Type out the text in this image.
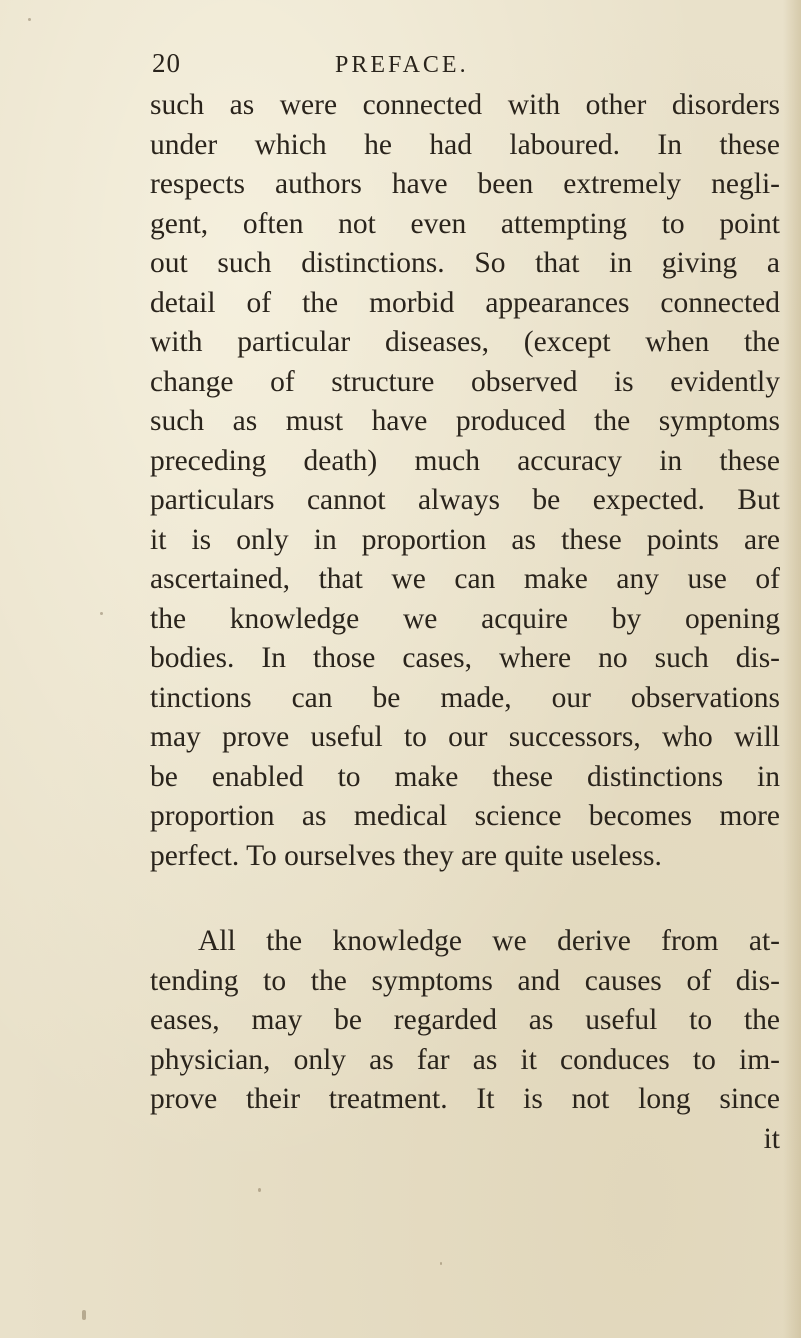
20	PREFACE.
such as were connected with other disorders
under which he had laboured. In these
respects authors have been extremely negli-
gent, often not even attempting to point
out such distinctions. So that in giving a
detail of the morbid appearances connected
with particular diseases, (except when the
change of structure observed is evidently
such as must have produced the symptoms
preceding death) much accuracy in these
particulars cannot always be expected. But
it is only in proportion as these points are
ascertained, that we can make any use of
the knowledge we acquire by opening
bodies. In those cases, where no such dis-
tinctions can be made, our observations
may prove useful to our successors, who will
be enabled to make these distinctions in
proportion as medical science becomes more
perfect. To ourselves they are quite useless.
All the knowledge we derive from at-
tending to the symptoms and causes of dis-
eases, may be regarded as useful to the
physician, only as far as it conduces to im-
prove their treatment. It is not long since
it
